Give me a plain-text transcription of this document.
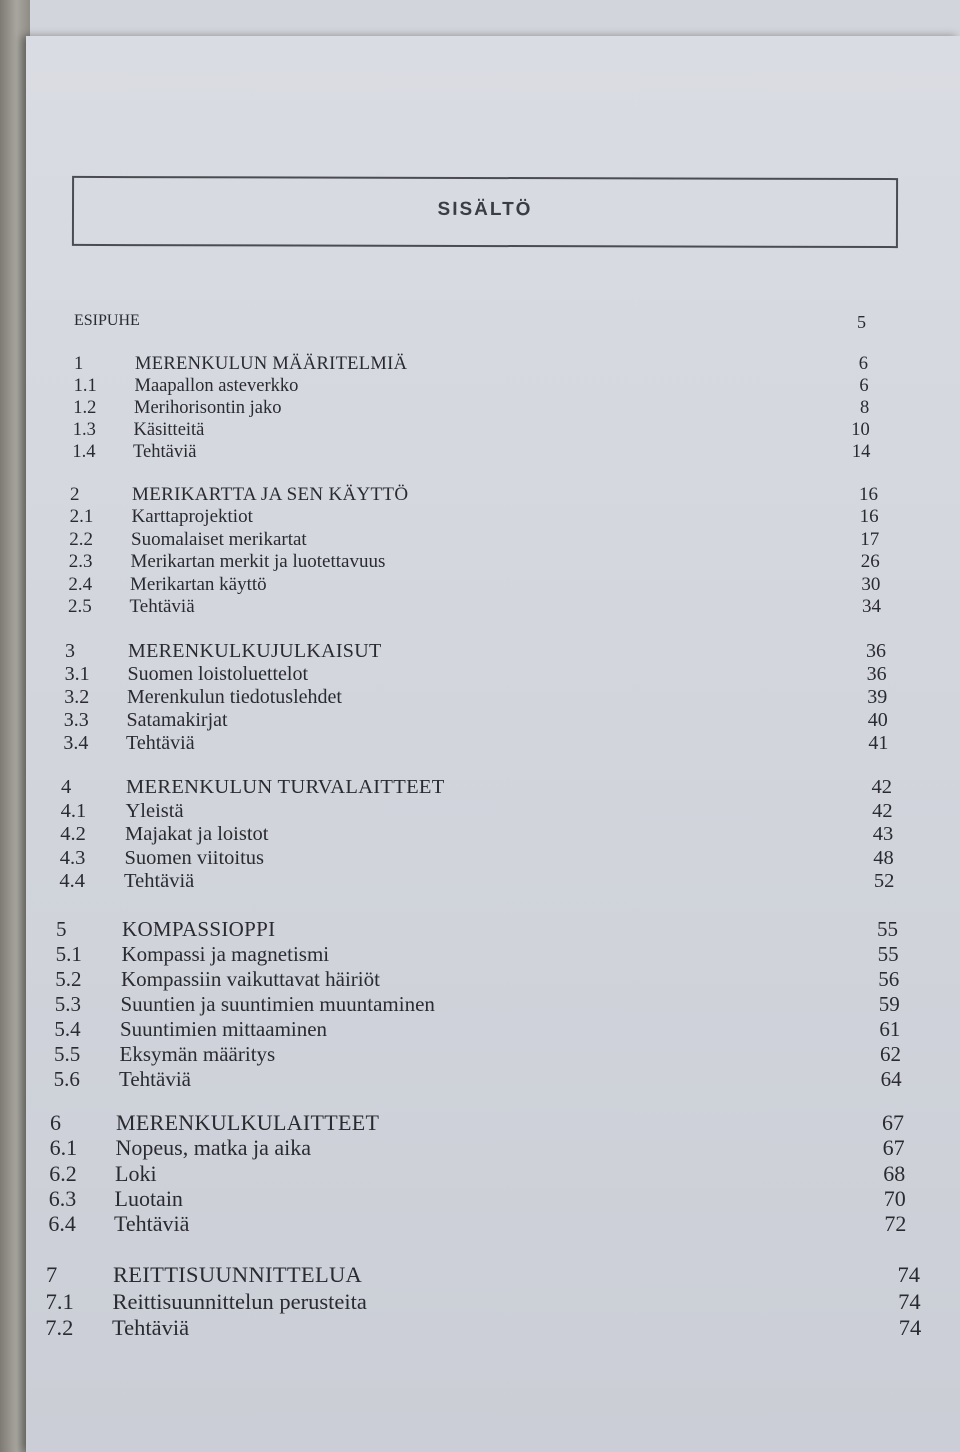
SISÄLTÖ
ESIPUHE	5
1	MERENKULUN MÄÄRITELMIÄ	6
1.1 Maapallon asteverkko	6
1.2 Merihorisontin jako	8
1.3 Käsitteitä	10
1.4 Tehtäviä	14
2	MERIKARTTA JA SEN KÄYTTÖ	16
2.1 Karttaprojektiot	16
2.2 Suomalaiset merikartat	17
2.3 Merikartan merkit ja luotettavuus	26
2.4 Merikartan käyttö	30
2.5 Tehtäviä	34
3	MERENKULKUJULKAISUT	36
3.1 Suomen loistoluettelot	36
3.2 Merenkulun tiedotuslehdet	39
3.3 Satamakirjat	40
3.4 Tehtäviä	41
4	MERENKULUN TURVALAITTEET	42
4.1 Yleistä	42
4.2 Majakat ja loistot	43
4.3 Suomen viitoitus	48
4.4 Tehtäviä	52
5	KOMPASSIOPPI	55
5.1 Kompassi ja magnetismi	55
5.2 Kompassiin vaikuttavat häiriöt	56
5.3 Suuntien ja suuntimien muuntaminen	59
5.4 Suuntimien mittaaminen	61
5.5 Eksymän määritys	62
5.6 Tehtäviä	64
6	MERENKULKULAITTEET	67
6.1 Nopeus, matka ja aika	67
6.2 Loki	68
6.3 Luotain	70
6.4 Tehtäviä	72
7 REITTISUUNNITTELUA	74
7.1 Reittisuunnittelun perusteita	74
7.2 Tehtäviä	74
